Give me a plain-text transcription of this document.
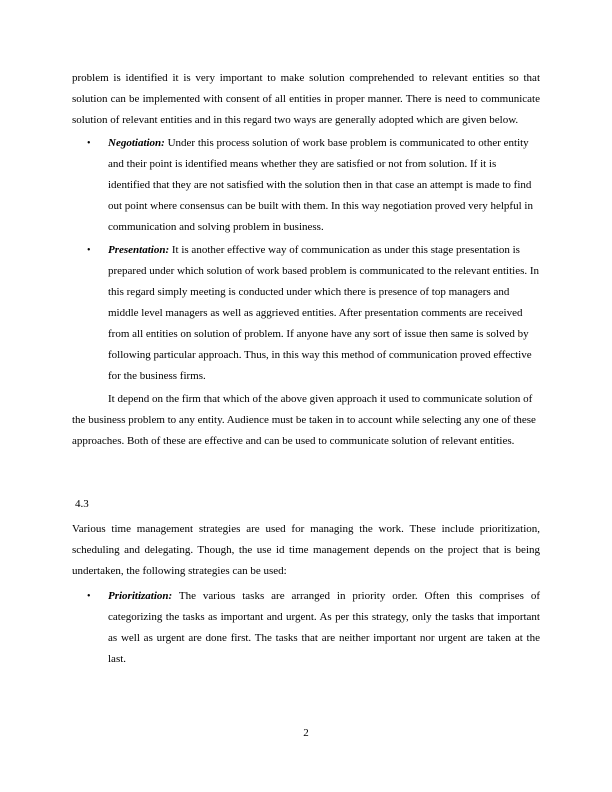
problem is identified it is very important to make solution comprehended to relevant entities so that solution can be implemented with consent of all entities in proper manner. There is need to communicate solution of relevant entities and in this regard two ways are generally adopted which are given below.

• Negotiation: Under this process solution of work base problem is communicated to other entity and their point is identified means whether they are satisfied or not from solution. If it is identified that they are not satisfied with the solution then in that case an attempt is made to find out point where consensus can be built with them. In this way negotiation proved very helpful in communication and solving problem in business.
• Presentation: It is another effective way of communication as under this stage presentation is prepared under which solution of work based problem is communicated to the relevant entities. In this regard simply meeting is conducted under which there is presence of top managers and middle level managers as well as aggrieved entities. After presentation comments are received from all entities on solution of problem. If anyone have any sort of issue then same is solved by following particular approach. Thus, in this way this method of communication proved effective for the business firms.

It depend on the firm that which of the above given approach it used to communicate solution of the business problem to any entity. Audience must be taken in to account while selecting any one of these approaches. Both of these are effective and can be used to communicate solution of relevant entities.

4.3

Various time management strategies are used for managing the work. These include prioritization, scheduling and delegating. Though, the use id time management depends on the project that is being undertaken, the following strategies can be used:

• Prioritization: The various tasks are arranged in priority order. Often this comprises of categorizing the tasks as important and urgent. As per this strategy, only the tasks that important as well as urgent are done first. The tasks that are neither important nor urgent are taken at the last.
2
